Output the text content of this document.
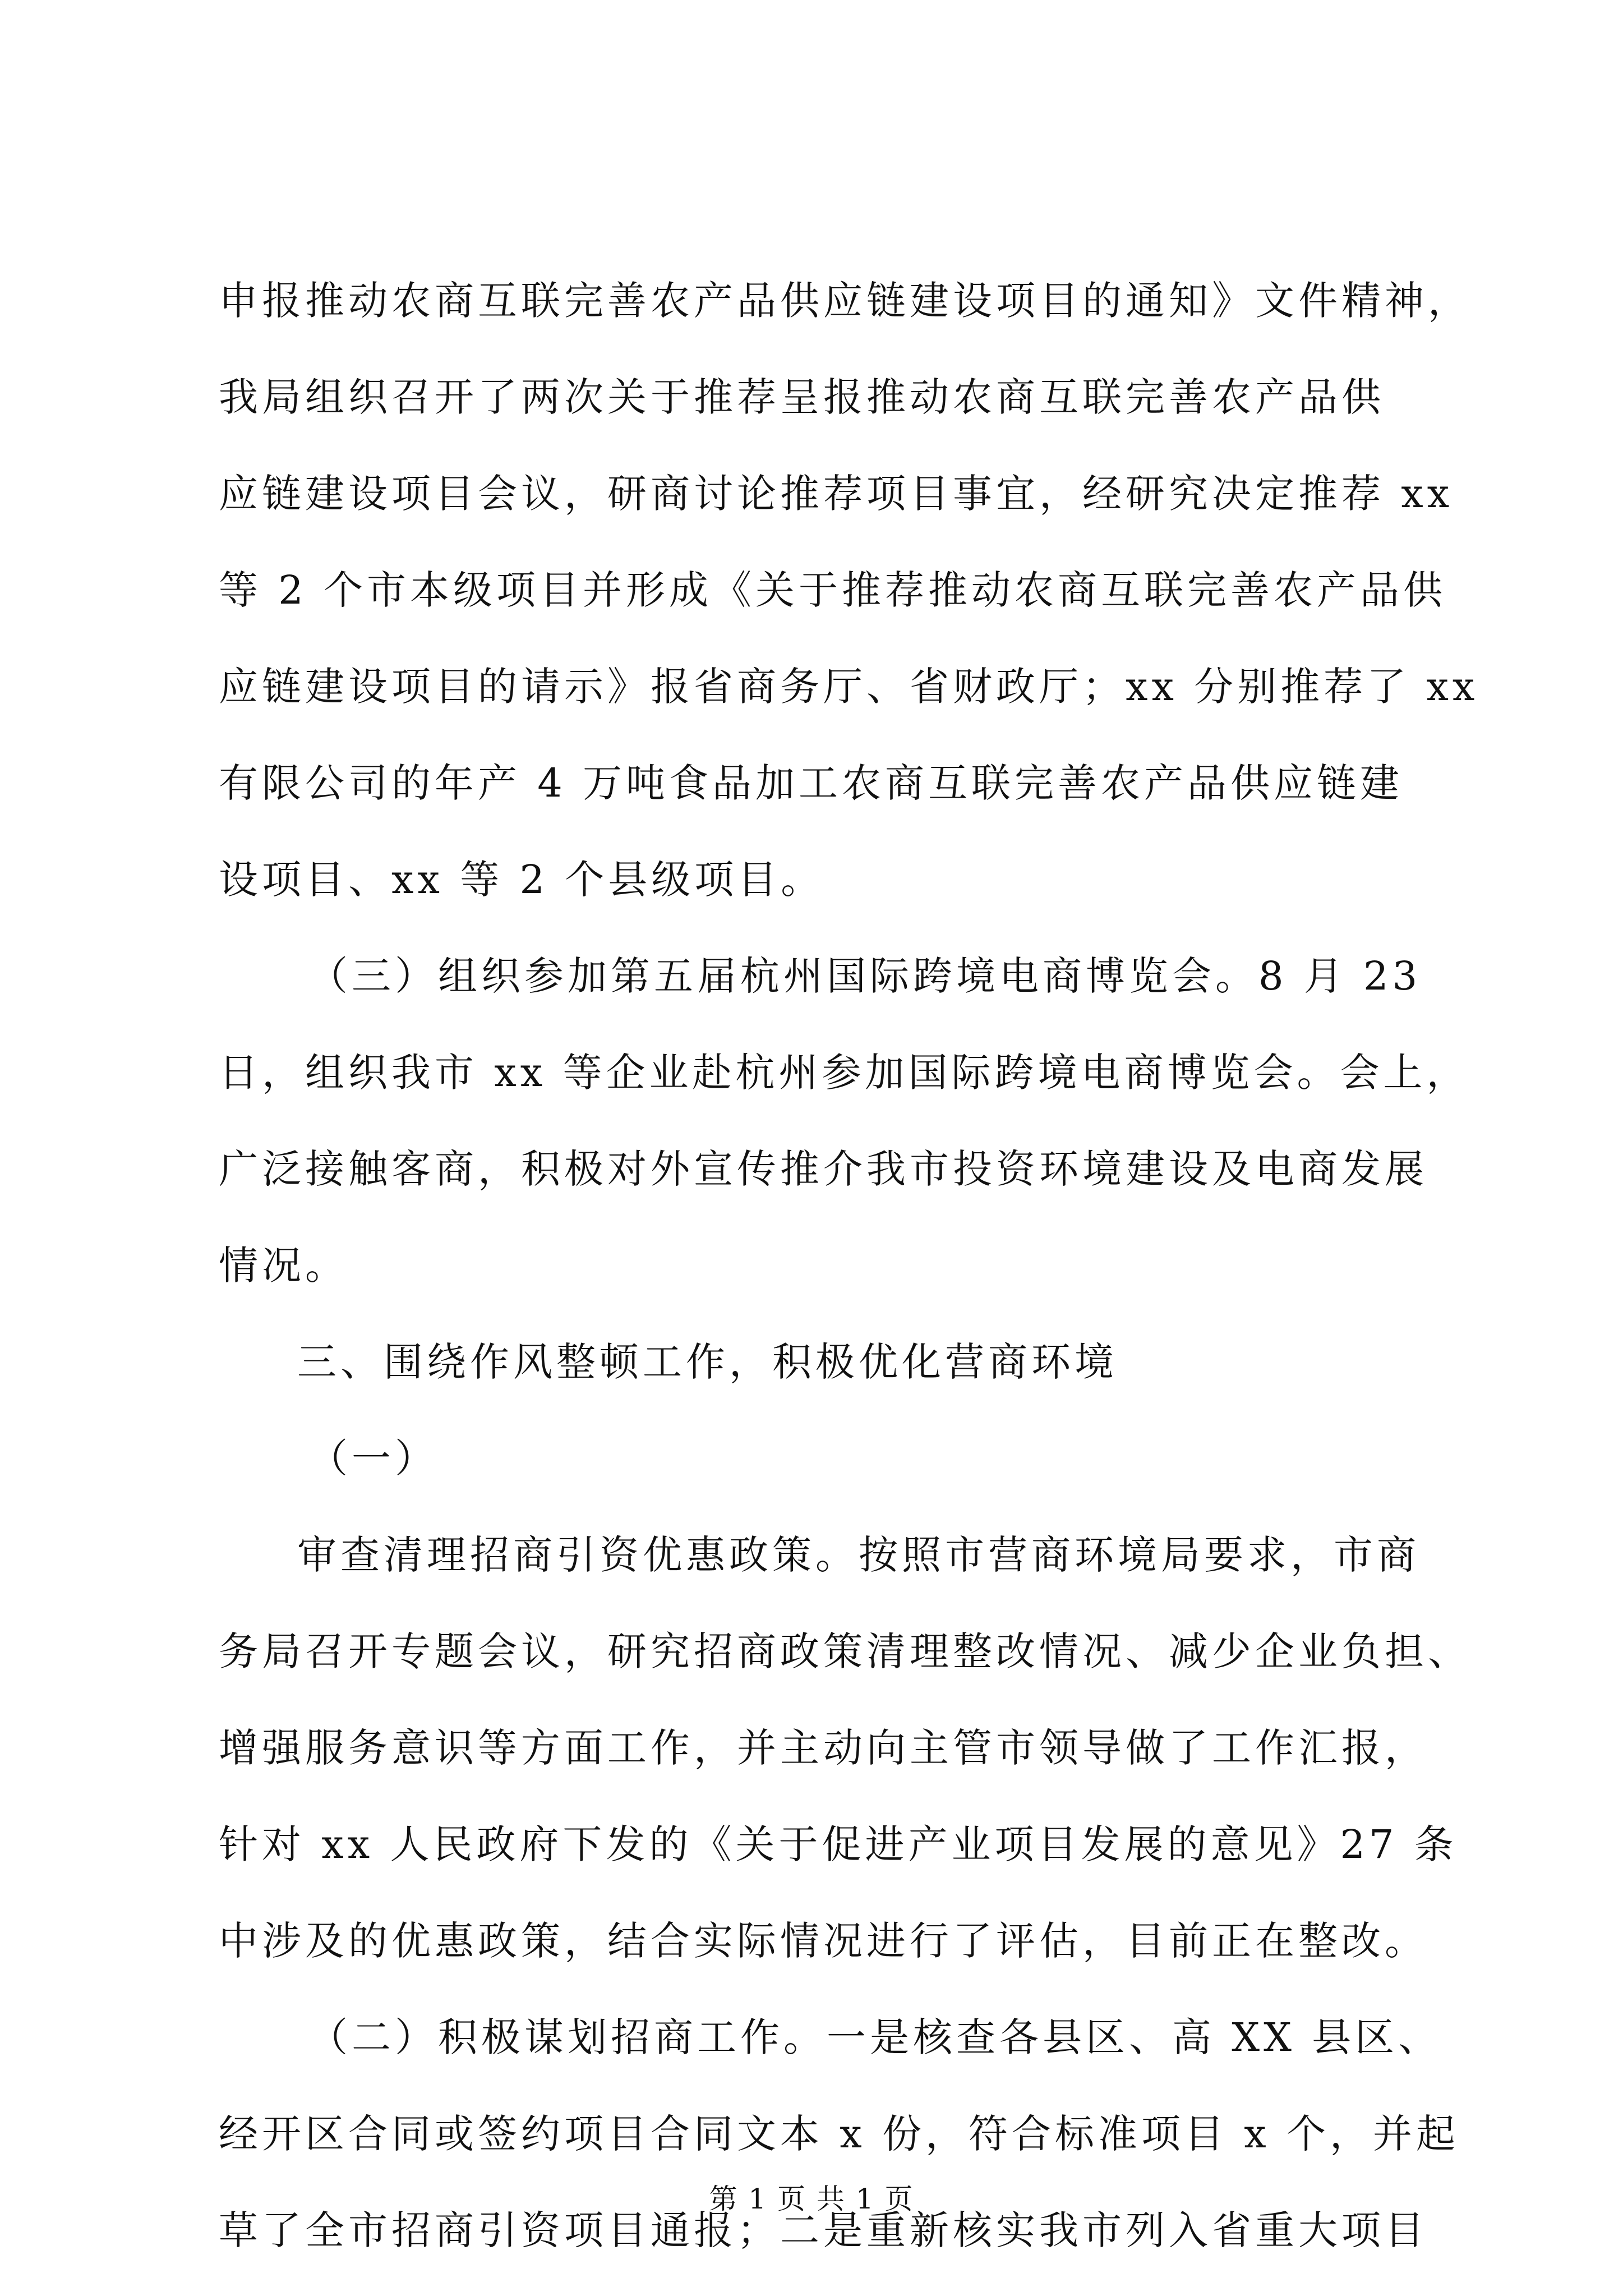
申报推动农商互联完善农产品供应链建设项目的通知》文件精神，
我局组织召开了两次关于推荐呈报推动农商互联完善农产品供
应链建设项目会议，研商讨论推荐项目事宜，经研究决定推荐 xx
等 2 个市本级项目并形成《关于推荐推动农商互联完善农产品供
应链建设项目的请示》报省商务厅、省财政厅；xx 分别推荐了 xx
有限公司的年产 4 万吨食品加工农商互联完善农产品供应链建
设项目、xx 等 2 个县级项目。
（三）组织参加第五届杭州国际跨境电商博览会。8 月 23
日，组织我市 xx 等企业赴杭州参加国际跨境电商博览会。会上，
广泛接触客商，积极对外宣传推介我市投资环境建设及电商发展
情况。
三、围绕作风整顿工作，积极优化营商环境
（一）
审查清理招商引资优惠政策。按照市营商环境局要求，市商
务局召开专题会议，研究招商政策清理整改情况、减少企业负担、
增强服务意识等方面工作，并主动向主管市领导做了工作汇报，
针对 xx 人民政府下发的《关于促进产业项目发展的意见》27 条
中涉及的优惠政策，结合实际情况进行了评估，目前正在整改。
（二）积极谋划招商工作。一是核查各县区、高 XX 县区、
经开区合同或签约项目合同文本 x 份，符合标准项目 x 个，并起
草了全市招商引资项目通报；二是重新核实我市列入省重大项目
第 1 页 共 1 页
